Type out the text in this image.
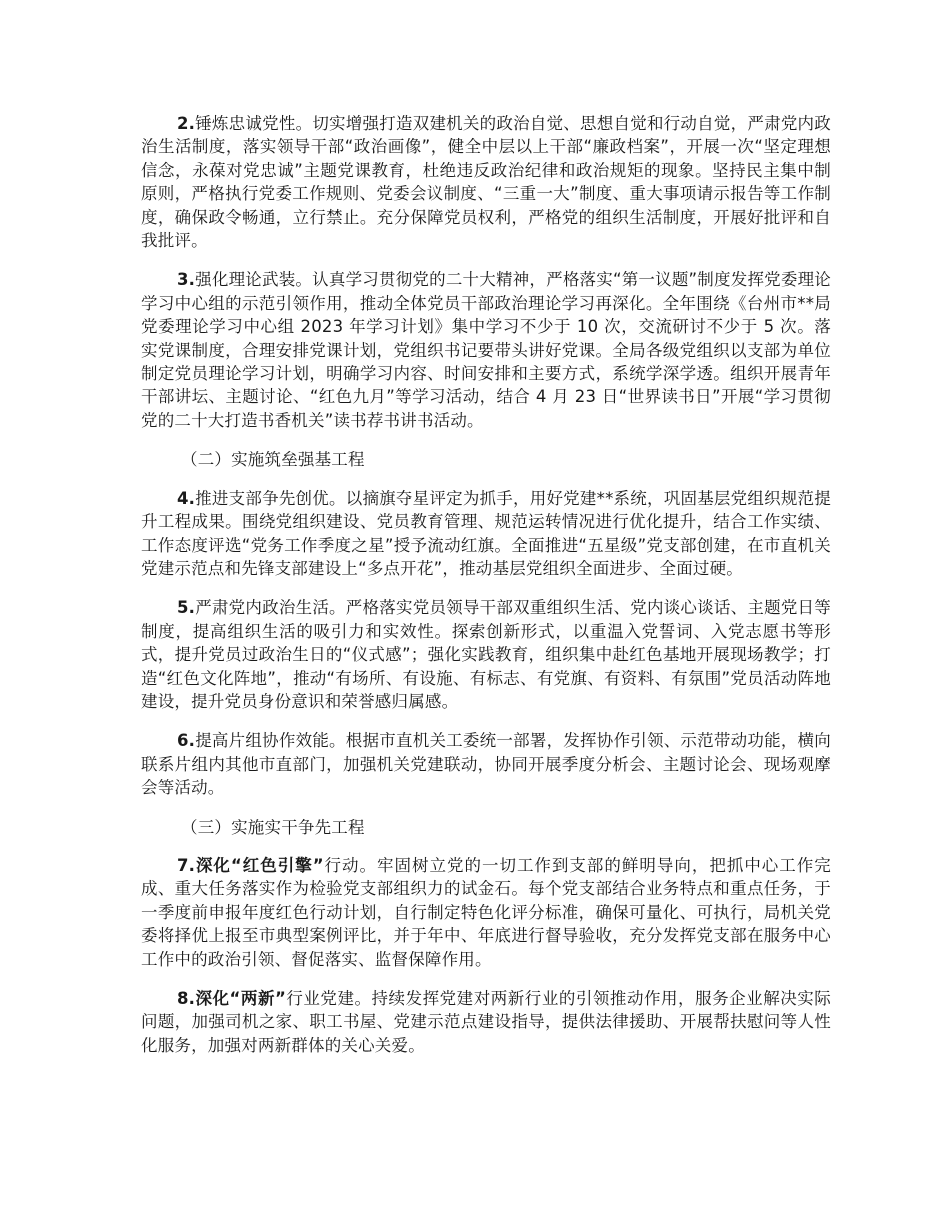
2.锤炼忠诚党性。切实增强打造双建机关的政治自觉、思想自觉和行动自觉，严肃党内政治生活制度，落实领导干部“政治画像”，健全中层以上干部“廉政档案”，开展一次“坚定理想信念，永葆对党忠诚”主题党课教育，杜绝违反政治纪律和政治规矩的现象。坚持民主集中制原则，严格执行党委工作规则、党委会议制度、“三重一大”制度、重大事项请示报告等工作制度，确保政令畅通，立行禁止。充分保障党员权利，严格党的组织生活制度，开展好批评和自我批评。

3.强化理论武装。认真学习贯彻党的二十大精神，严格落实“第一议题”制度发挥党委理论学习中心组的示范引领作用，推动全体党员干部政治理论学习再深化。全年围绕《台州市**局党委理论学习中心组 2023 年学习计划》集中学习不少于 10 次，交流研讨不少于 5 次。落实党课制度，合理安排党课计划，党组织书记要带头讲好党课。全局各级党组织以支部为单位制定党员理论学习计划，明确学习内容、时间安排和主要方式，系统学深学透。组织开展青年干部讲坛、主题讨论、“红色九月”等学习活动，结合 4 月 23 日“世界读书日”开展“学习贯彻党的二十大打造书香机关”读书荐书讲书活动。

（二）实施筑垒强基工程

4.推进支部争先创优。以摘旗夺星评定为抓手，用好党建**系统，巩固基层党组织规范提升工程成果。围绕党组织建设、党员教育管理、规范运转情况进行优化提升，结合工作实绩、工作态度评选“党务工作季度之星”授予流动红旗。全面推进“五星级”党支部创建，在市直机关党建示范点和先锋支部建设上“多点开花”，推动基层党组织全面进步、全面过硬。

5.严肃党内政治生活。严格落实党员领导干部双重组织生活、党内谈心谈话、主题党日等制度，提高组织生活的吸引力和实效性。探索创新形式，以重温入党誓词、入党志愿书等形式，提升党员过政治生日的“仪式感”；强化实践教育，组织集中赴红色基地开展现场教学；打造“红色文化阵地”，推动“有场所、有设施、有标志、有党旗、有资料、有氛围”党员活动阵地建设，提升党员身份意识和荣誉感归属感。

6.提高片组协作效能。根据市直机关工委统一部署，发挥协作引领、示范带动功能，横向联系片组内其他市直部门，加强机关党建联动，协同开展季度分析会、主题讨论会、现场观摩会等活动。

（三）实施实干争先工程

7.深化“红色引擎”行动。牢固树立党的一切工作到支部的鲜明导向，把抓中心工作完成、重大任务落实作为检验党支部组织力的试金石。每个党支部结合业务特点和重点任务，于一季度前申报年度红色行动计划，自行制定特色化评分标准，确保可量化、可执行，局机关党委将择优上报至市典型案例评比，并于年中、年底进行督导验收，充分发挥党支部在服务中心工作中的政治引领、督促落实、监督保障作用。

8.深化“两新”行业党建。持续发挥党建对两新行业的引领推动作用，服务企业解决实际问题，加强司机之家、职工书屋、党建示范点建设指导，提供法律援助、开展帮扶慰问等人性化服务，加强对两新群体的关心关爱。
